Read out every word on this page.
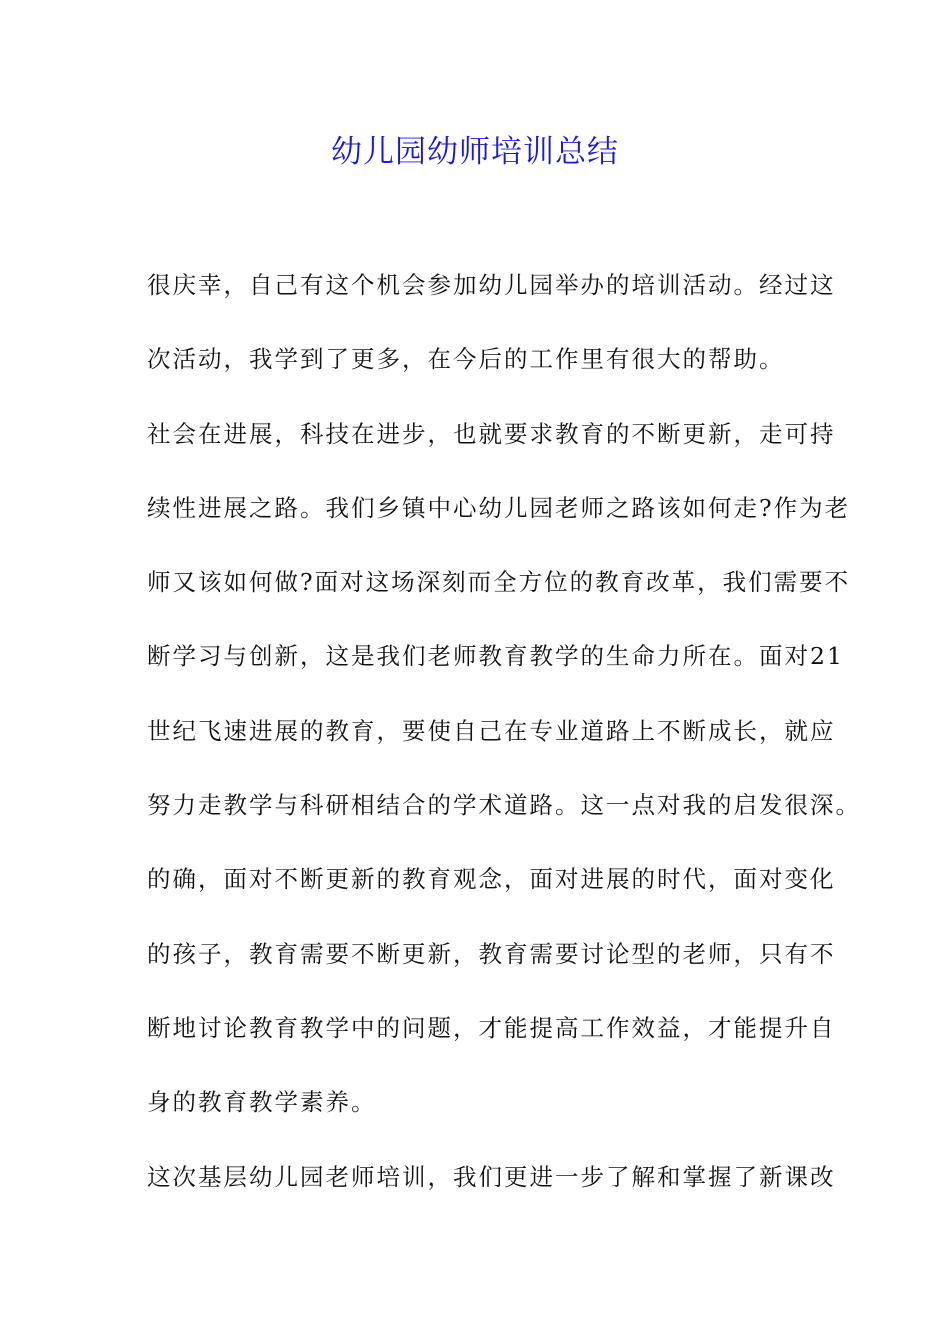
幼儿园幼师培训总结
很庆幸，自己有这个机会参加幼儿园举办的培训活动。经过这
次活动，我学到了更多，在今后的工作里有很大的帮助。
社会在进展，科技在进步，也就要求教育的不断更新，走可持
续性进展之路。我们乡镇中心幼儿园老师之路该如何走?作为老
师又该如何做?面对这场深刻而全方位的教育改革，我们需要不
断学习与创新，这是我们老师教育教学的生命力所在。面对21
世纪飞速进展的教育，要使自己在专业道路上不断成长，就应
努力走教学与科研相结合的学术道路。这一点对我的启发很深。
的确，面对不断更新的教育观念，面对进展的时代，面对变化
的孩子，教育需要不断更新，教育需要讨论型的老师，只有不
断地讨论教育教学中的问题，才能提高工作效益，才能提升自
身的教育教学素养。
这次基层幼儿园老师培训，我们更进一步了解和掌握了新课改
